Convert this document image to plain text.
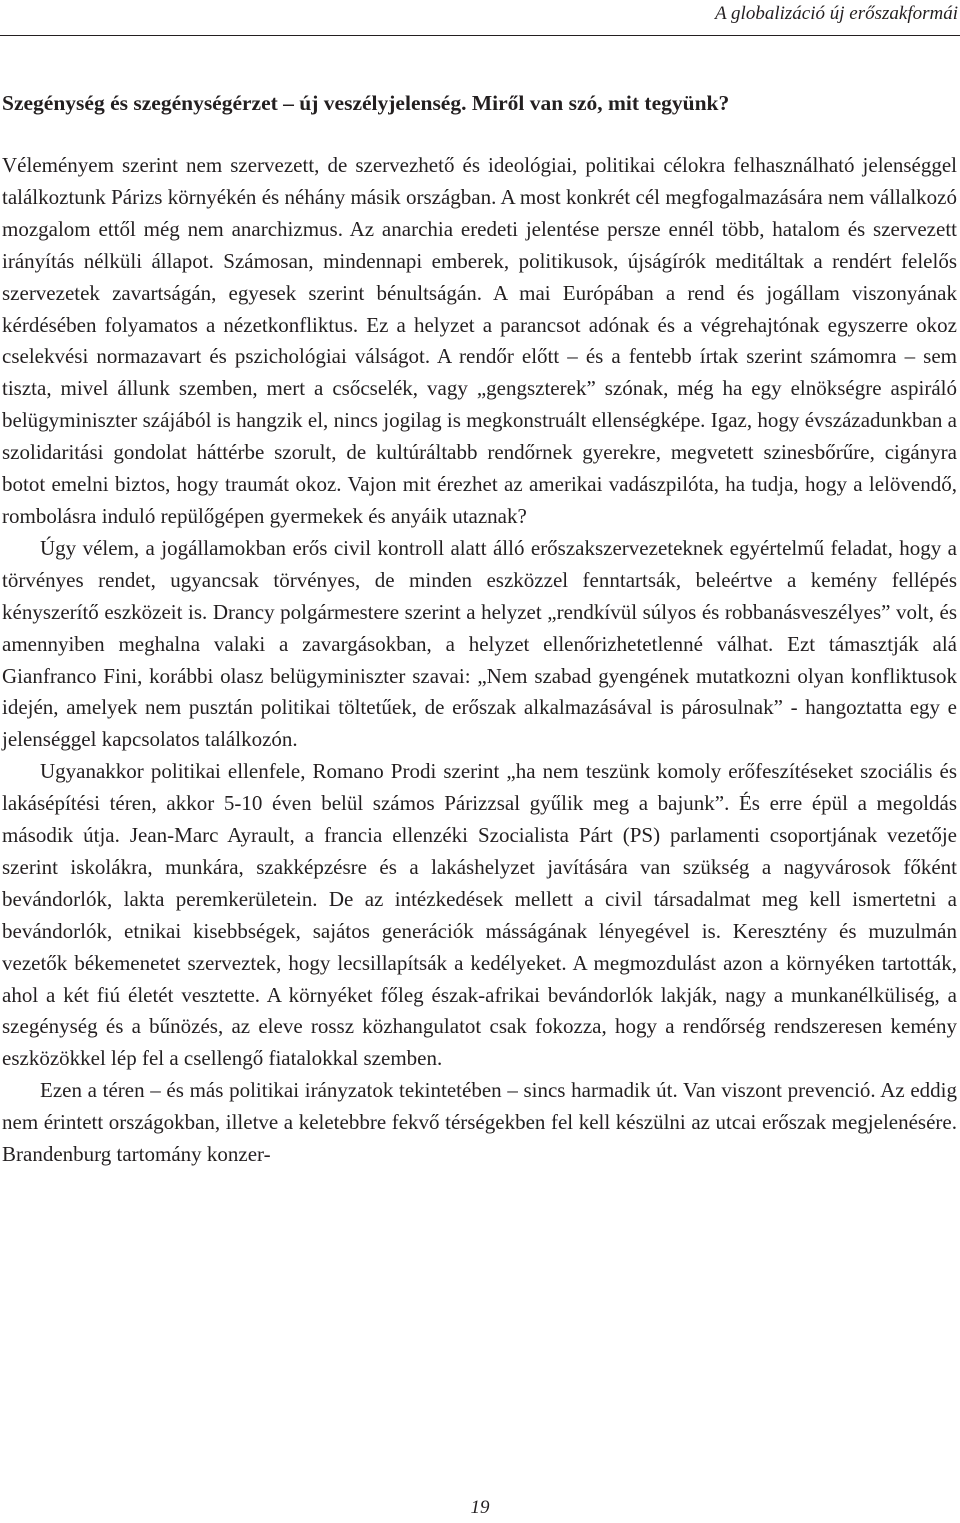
A globalizáció új erőszakformái
Szegénység és szegénységérzet – új veszélyjelenség. Miről van szó, mit tegyünk?

Véleményem szerint nem szervezett, de szervezhető és ideológiai, politikai célokra felhasználható jelenséggel találkoztunk Párizs környékén és néhány másik országban. A most konkrét cél megfogalmazására nem vállalkozó mozgalom ettől még nem anarchizmus. Az anarchia eredeti jelentése persze ennél több, hatalom és szervezett irányítás nélküli állapot. Számosan, mindennapi emberek, politikusok, újságírók meditáltak a rendért felelős szervezetek zavartságán, egyesek szerint bénultságán. A mai Európában a rend és jogállam viszonyának kérdésében folyamatos a nézetkonfliktus. Ez a helyzet a parancsot adónak és a végrehajtónak egyszerre okoz cselekvési normazavart és pszichológiai válságot. A rendőr előtt – és a fentebb írtak szerint számomra – sem tiszta, mivel állunk szemben, mert a csőcselék, vagy „gengszterek” szónak, még ha egy elnökségre aspiráló belügyminiszter szájából is hangzik el, nincs jogilag is megkonstruált ellenségképe. Igaz, hogy évszázadunkban a szolidaritási gondolat háttérbe szorult, de kultúráltabb rendőrnek gyerekre, megvetett szinesbőrűre, cigányra botot emelni biztos, hogy traumát okoz. Vajon mit érezhet az amerikai vadászpilóta, ha tudja, hogy a lelövendő, rombolásra induló repülőgépen gyermekek és anyáik utaznak?

Úgy vélem, a jogállamokban erős civil kontroll alatt álló erőszakszervezeteknek egyértelmű feladat, hogy a törvényes rendet, ugyancsak törvényes, de minden eszközzel fenntartsák, beleértve a kemény fellépés kényszerítő eszközeit is. Drancy polgármestere szerint a helyzet „rendkívül súlyos és robbanásveszélyes” volt, és amennyiben meghalna valaki a zavargásokban, a helyzet ellenőrizhetetlenné válhat. Ezt támasztják alá Gianfranco Fini, korábbi olasz belügyminiszter szavai: „Nem szabad gyengének mutatkozni olyan konfliktusok idején, amelyek nem pusztán politikai töltetűek, de erőszak alkalmazásával is párosulnak” - hangoztatta egy e jelenséggel kapcsolatos találkozón.

Ugyanakkor politikai ellenfele, Romano Prodi szerint „ha nem teszünk komoly erőfeszítéseket szociális és lakásépítési téren, akkor 5-10 éven belül számos Párizzsal gyűlik meg a bajunk”. És erre épül a megoldás második útja. Jean-Marc Ayrault, a francia ellenzéki Szocialista Párt (PS) parlamenti csoportjának vezetője szerint iskolákra, munkára, szakképzésre és a lakáshelyzet javítására van szükség a nagyvárosok főként bevándorlók, lakta peremkerületein. De az intézkedések mellett a civil társadalmat meg kell ismertetni a bevándorlók, etnikai kisebbségek, sajátos generációk másságának lényegével is. Keresztény és muzulmán vezetők békemenetet szerveztek, hogy lecsillapítsák a kedélyeket. A megmozdulást azon a környéken tartották, ahol a két fiú életét vesztette. A környéket főleg észak-afrikai bevándorlók lakják, nagy a munkanélküliség, a szegénység és a bűnözés, az eleve rossz közhangulatot csak fokozza, hogy a rendőrség rendszeresen kemény eszközökkel lép fel a csellengő fiatalokkal szemben.

Ezen a téren – és más politikai irányzatok tekintetében – sincs harmadik út. Van viszont prevenció. Az eddig nem érintett országokban, illetve a keletebbre fekvő térségekben fel kell készülni az utcai erőszak megjelenésére. Brandenburg tartomány konzer-

19
